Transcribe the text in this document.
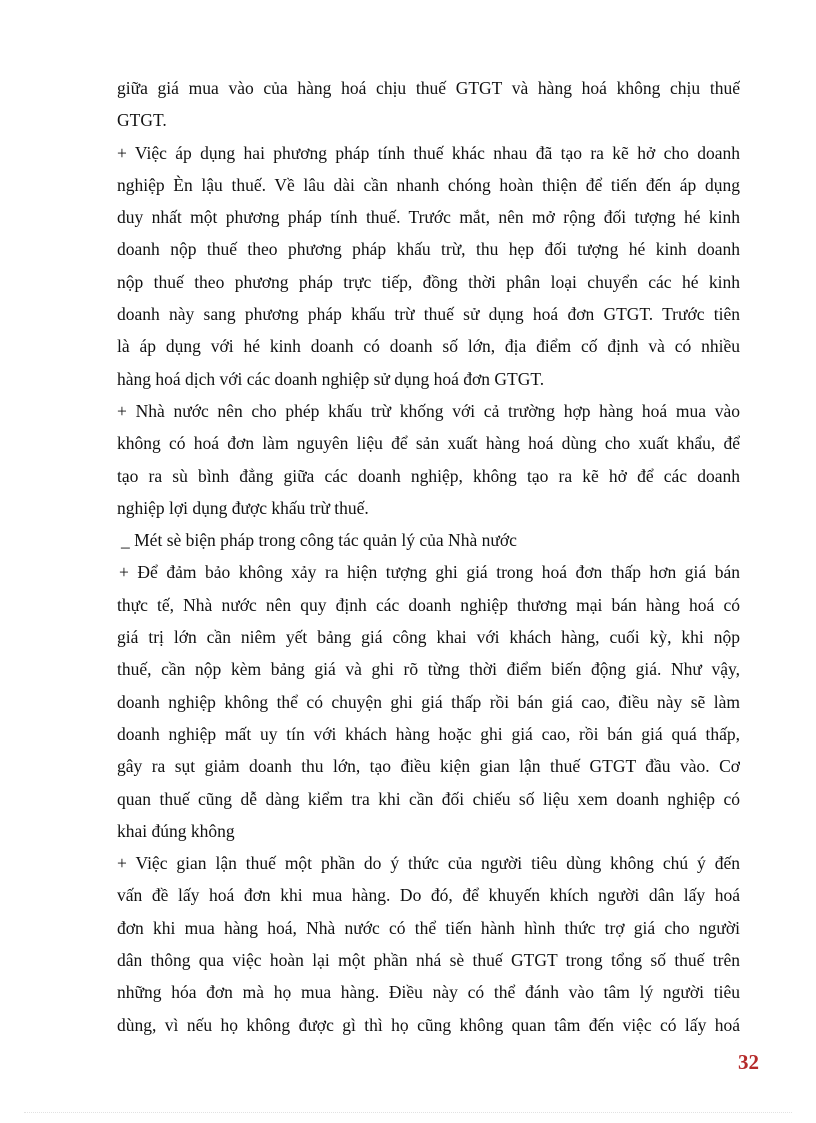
giữa giá mua vào của hàng hoá chịu thuế GTGT và hàng hoá không chịu thuế
GTGT.
+ Việc áp dụng hai phương pháp tính thuế khác nhau đã tạo ra kẽ hở cho doanh
nghiệp Èn lậu thuế. Về lâu dài cần nhanh chóng hoàn thiện để tiến đến áp dụng
duy nhất một phương pháp tính thuế. Trước mắt, nên mở rộng đối tượng hé kinh
doanh nộp thuế theo phương pháp khấu trừ, thu hẹp đối tượng hé kinh doanh
nộp thuế theo phương pháp trực tiếp, đồng thời phân loại chuyển các hé kinh
doanh này sang phương pháp khấu trừ thuế sử dụng hoá đơn GTGT. Trước tiên
là áp dụng với hé kinh doanh có doanh số lớn, địa điểm cố định và có nhiều
hàng hoá dịch với các doanh nghiệp sử dụng hoá đơn GTGT.
+ Nhà nước nên cho phép khấu trừ khống với cả trường hợp hàng hoá mua vào
không có hoá đơn làm nguyên liệu để sản xuất hàng hoá dùng cho xuất khẩu, để
tạo ra sù bình đẳng giữa các doanh nghiệp, không tạo ra kẽ hở để các doanh
nghiệp lợi dụng được khấu trừ thuế.
_ Mét sè biện pháp trong công tác quản lý của Nhà nước
+ Để đảm bảo không xảy ra hiện tượng ghi giá trong hoá đơn thấp hơn giá bán
thực tế, Nhà nước nên quy định các doanh nghiệp thương mại bán hàng hoá có
giá trị lớn cần niêm yết bảng giá công khai với khách hàng, cuối kỳ, khi nộp
thuế, cần nộp kèm bảng giá và ghi rõ từng thời điểm biến động giá. Như vậy,
doanh nghiệp không thể có chuyện ghi giá thấp rồi bán giá cao, điều này sẽ làm
doanh nghiệp mất uy tín với khách hàng hoặc ghi giá cao, rồi bán giá quá thấp,
gây ra sụt giảm doanh thu lớn, tạo điều kiện gian lận thuế GTGT đầu vào. Cơ
quan thuế cũng dễ dàng kiểm tra khi cần đối chiếu số liệu xem doanh nghiệp có
khai đúng không
+ Việc gian lận thuế một phần do ý thức của người tiêu dùng không chú ý đến
vấn đề lấy hoá đơn khi mua hàng. Do đó, để khuyến khích người dân lấy hoá
đơn khi mua hàng hoá, Nhà nước có thể tiến hành hình thức trợ giá cho người
dân thông qua việc hoàn lại một phần nhá sè thuế GTGT trong tổng số thuế trên
những hóa đơn mà họ mua hàng. Điều này có thể đánh vào tâm lý người tiêu
dùng, vì nếu họ không được gì thì họ cũng không quan tâm đến việc có lấy hoá
32
